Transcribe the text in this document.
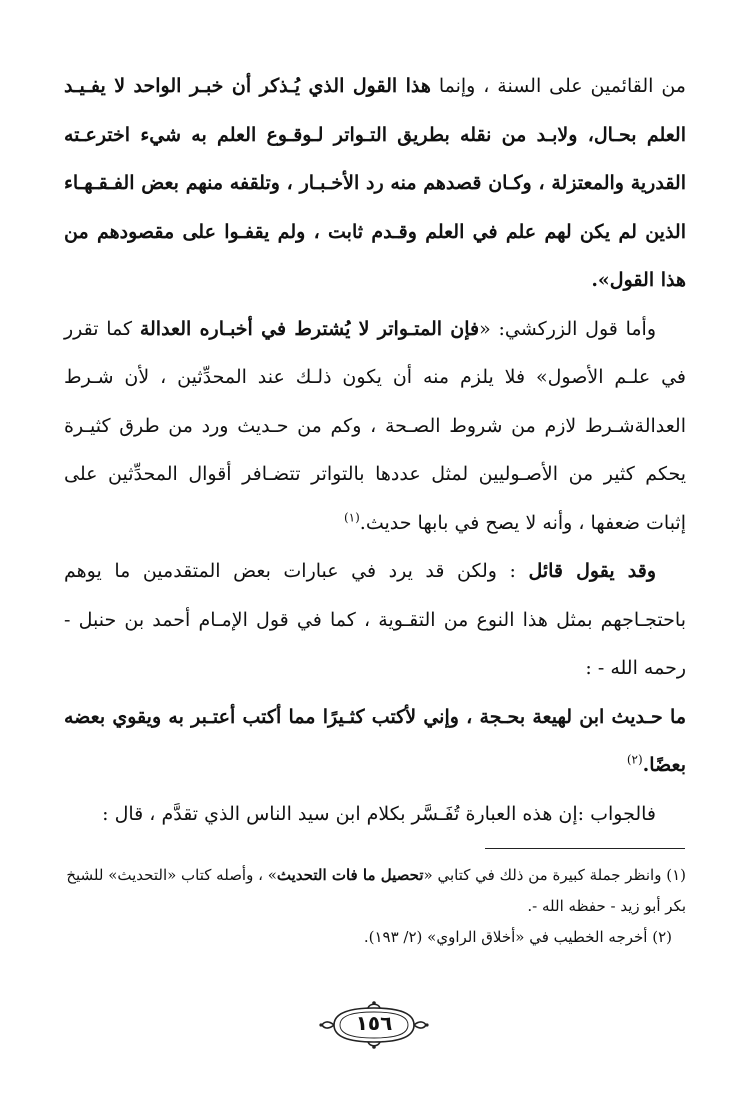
من القائمين على السنة ، وإنما هذا القول الذي يُـذكر أن خبـر الواحد لا يفـيـد العلم بحـال، ولابـد من نقله بطريق التـواتر لـوقـوع العلم به شيء اخترعـته القدرية والمعتزلة ، وكـان قصدهم منه رد الأخـبـار ، وتلقفه منهم بعض الفـقـهـاء الذين لم يكن لهم علم في العلم وقـدم ثابت ، ولم يقفـوا على مقصودهم من هذا القول».

وأما قول الزركشي: «فإن المتـواتر لا يُشترط في أخبـاره العدالة كما تقرر في علـم الأصول» فلا يلزم منه أن يكون ذلـك عند المحدِّثين ، لأن شـرط العدالةشـرط لازم من شروط الصـحة ، وكم من حـديث ورد من طرق كثيـرة يحكم كثير من الأصـوليين لمثل عددها بالتواتر تتضـافر أقوال المحدِّثين على إثبات ضعفها ، وأنه لا يصح في بابها حديث.$^{(١)}$

وقد يقول قائل : ولكن قد يرد في عبارات بعض المتقدمين ما يوهم باحتجـاجهم بمثل هذا النوع من التقـوية ، كما في قول الإمـام أحمد بن حنبل - رحمه الله - :

ما حـديث ابن لهيعة بحـجة ، وإني لأكتب كثـيرًا مما أكتب أعتـبر به ويقوي بعضه بعضًا.$^{(٢)}$

فالجواب :إن هذه العبارة تُفَـسَّر بكلام ابن سيد الناس الذي تقدَّم ، قال :

(١) وانظر جملة كبيرة من ذلك في كتابي «تحصيل ما فات التحديث» ، وأصله كتاب «التحديث» للشيخ بكر أبو زيد - حفظه الله -.

(٢) أخرجه الخطيب في «أخلاق الراوي» (٢/ ١٩٣).

١٥٦
